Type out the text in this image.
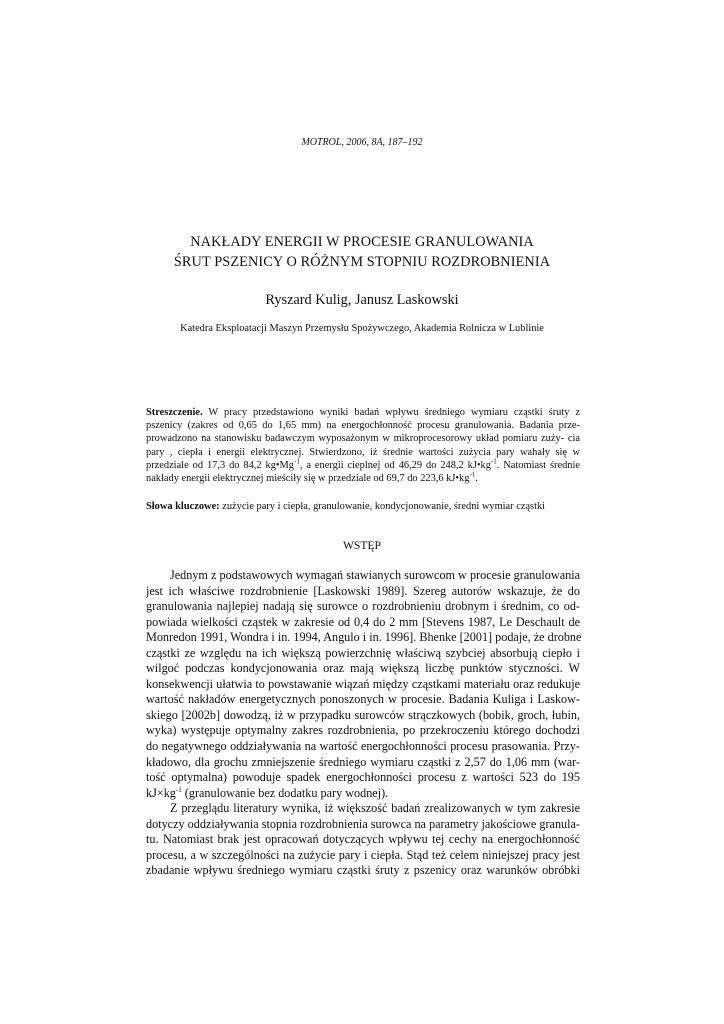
MOTROL, 2006, 8A, 187–192
NAKŁADY ENERGII W PROCESIE GRANULOWANIA
ŚRUT PSZENICY O RÓŻNYM STOPNIU ROZDROBNIENIA
Ryszard Kulig, Janusz Laskowski
Katedra Eksploatacji Maszyn Przemysłu Spożywczego, Akademia Rolnicza w Lublinie
Streszczenie. W pracy przedstawiono wyniki badań wpływu średniego wymiaru cząstki śruty z pszenicy (zakres od 0,65 do 1,65 mm) na energochłonność procesu granulowania. Badania prze- prowadzono na stanowisku badawczym wyposażonym w mikroprocesorowy układ pomiaru zuży- cia pary , ciepła i energii elektrycznej. Stwierdzono, iż średnie wartości zużycia pary wahały się w przedziale od 17,3 do 84,2 $kg•Mg^{-1}$, a energii cieplnej od 46,29 do 248,2 $kJ•kg^{-1}$. Natomiast średnie nakłady energii elektrycznej mieściły się w przedziale od 69,7 do 223,6 $kJ•kg^{-1}$.
Słowa kluczowe: zużycie pary i ciepła, granulowanie, kondycjonowanie, średni wymiar cząstki
WSTĘP
Jednym z podstawowych wymagań stawianych surowcom w procesie granulowania
jest ich właściwe rozdrobnienie [Laskowski 1989]. Szereg autorów wskazuje, że do
granulowania najlepiej nadają się surowce o rozdrobnieniu drobnym i średnim, co od-
powiada wielkości cząstek w zakresie od 0,4 do 2 mm [Stevens 1987, Le Deschault de
Monredon 1991, Wondra i in. 1994, Angulo i in. 1996]. Bhenke [2001] podaje, że drobne
cząstki ze względu na ich większą powierzchnię właściwą szybciej absorbują ciepło i
wilgoć podczas kondycjonowania oraz mają większą liczbę punktów styczności. W
konsekwencji ułatwia to powstawanie wiązań między cząstkami materiału oraz redukuje
wartość nakładów energetycznych ponoszonych w procesie. Badania Kuliga i Laskow-
skiego [2002b] dowodzą, iż w przypadku surowców strączkowych (bobik, groch, łubin,
wyka) występuje optymalny zakres rozdrobnienia, po przekroczeniu którego dochodzi
do negatywnego oddziaływania na wartość energochłonności procesu prasowania. Przy-
kładowo, dla grochu zmniejszenie średniego wymiaru cząstki z 2,57 do 1,06 mm (war-
tość optymalna) powoduje spadek energochłonności procesu z wartości 523 do 195
$kJ\times kg^{-1}$ (granulowanie bez dodatku pary wodnej).
Z przeglądu literatury wynika, iż większość badań zrealizowanych w tym zakresie
dotyczy oddziaływania stopnia rozdrobnienia surowca na parametry jakościowe granula-
tu. Natomiast brak jest opracowań dotyczących wpływu tej cechy na energochłonność
procesu, a w szczególności na zużycie pary i ciepła. Stąd też celem niniejszej pracy jest
zbadanie wpływu średniego wymiaru cząstki śruty z pszenicy oraz warunków obróbki
